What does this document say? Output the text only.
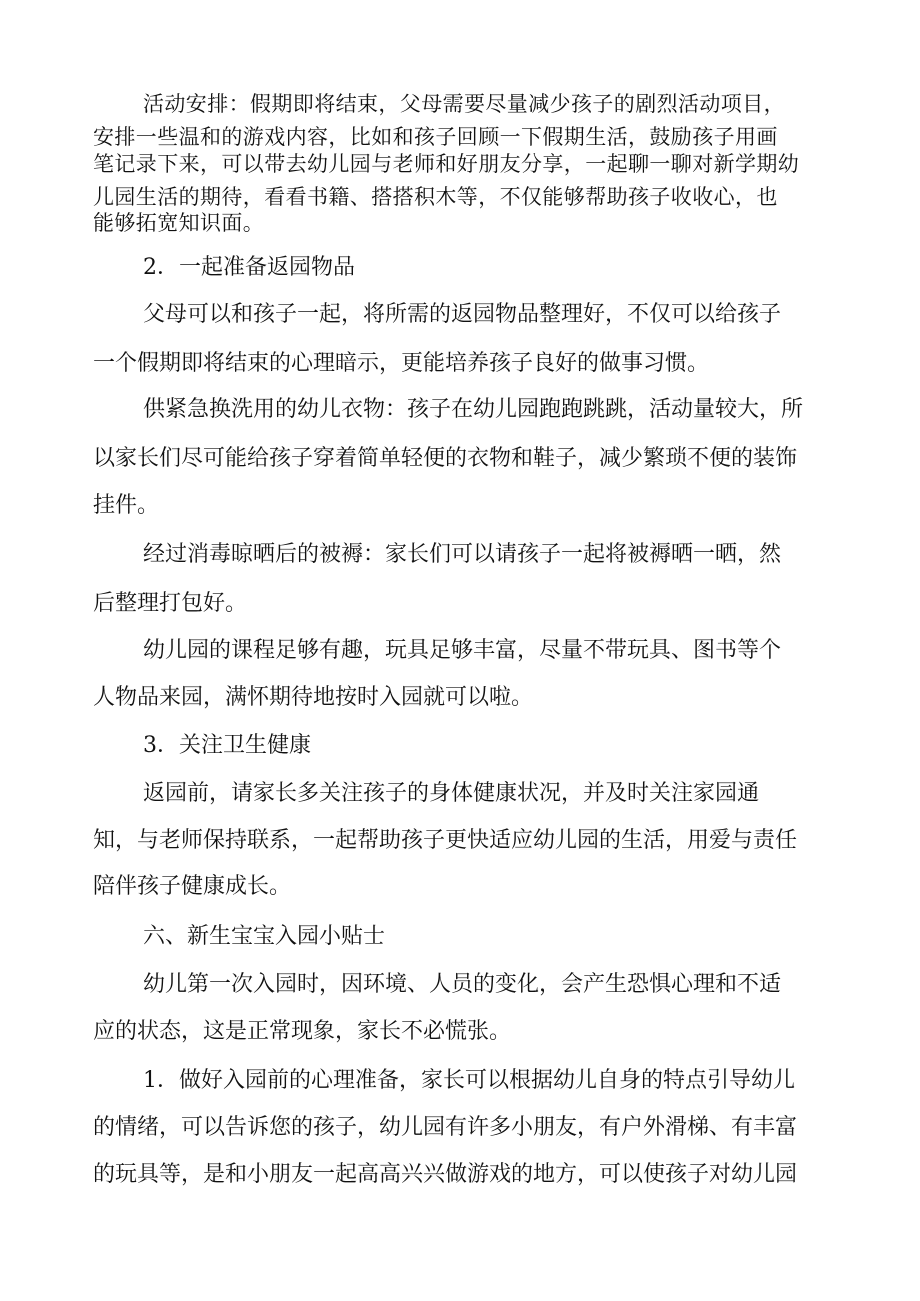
活动安排：假期即将结束，父母需要尽量减少孩子的剧烈活动项目，
安排一些温和的游戏内容，比如和孩子回顾一下假期生活，鼓励孩子用画
笔记录下来，可以带去幼儿园与老师和好朋友分享，一起聊一聊对新学期幼
儿园生活的期待，看看书籍、搭搭积木等，不仅能够帮助孩子收收心，也
能够拓宽知识面。
2．一起准备返园物品
父母可以和孩子一起，将所需的返园物品整理好，不仅可以给孩子
一个假期即将结束的心理暗示，更能培养孩子良好的做事习惯。
供紧急换洗用的幼儿衣物：孩子在幼儿园跑跑跳跳，活动量较大，所
以家长们尽可能给孩子穿着简单轻便的衣物和鞋子，减少繁琐不便的装饰
挂件。
经过消毒晾晒后的被褥：家长们可以请孩子一起将被褥晒一晒，然
后整理打包好。
幼儿园的课程足够有趣，玩具足够丰富，尽量不带玩具、图书等个
人物品来园，满怀期待地按时入园就可以啦。
3．关注卫生健康
返园前，请家长多关注孩子的身体健康状况，并及时关注家园通
知，与老师保持联系，一起帮助孩子更快适应幼儿园的生活，用爱与责任
陪伴孩子健康成长。
六、新生宝宝入园小贴士
幼儿第一次入园时，因环境、人员的变化，会产生恐惧心理和不适
应的状态，这是正常现象，家长不必慌张。
1．做好入园前的心理准备，家长可以根据幼儿自身的特点引导幼儿
的情绪，可以告诉您的孩子，幼儿园有许多小朋友，有户外滑梯、有丰富
的玩具等，是和小朋友一起高高兴兴做游戏的地方，可以使孩子对幼儿园
